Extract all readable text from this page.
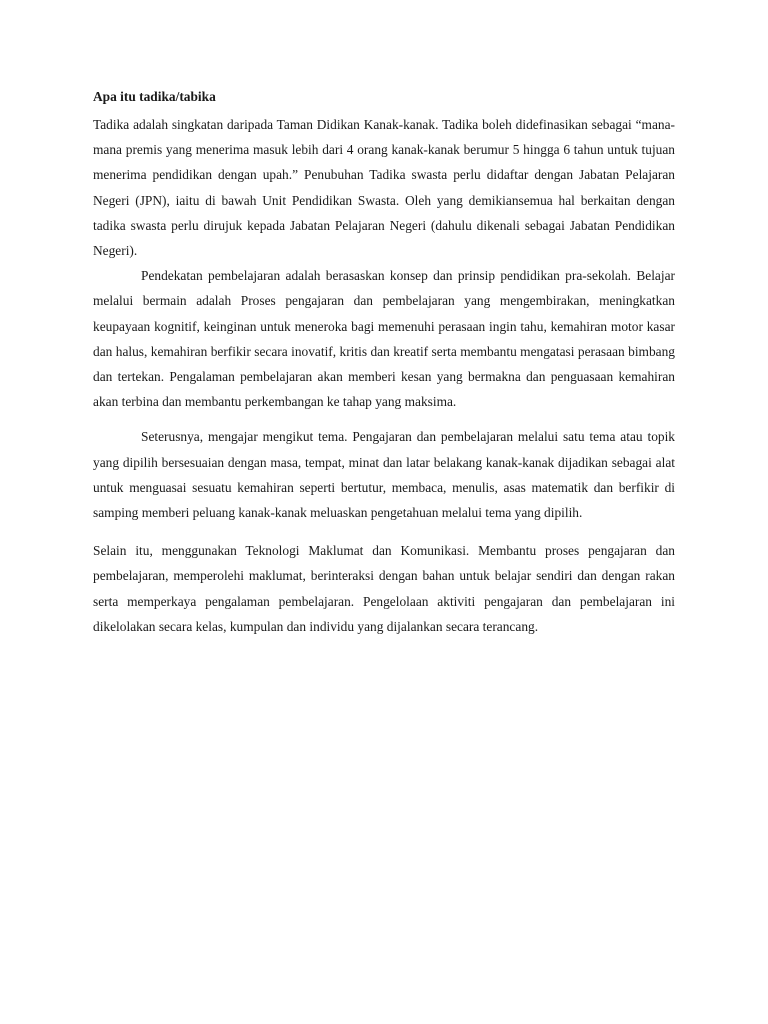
Apa itu tadika/tabika

Tadika adalah singkatan daripada Taman Didikan Kanak-kanak. Tadika boleh didefinasikan sebagai “mana-mana premis yang menerima masuk lebih dari 4 orang kanak-kanak berumur 5 hingga 6 tahun untuk tujuan menerima pendidikan dengan upah.” Penubuhan Tadika swasta perlu didaftar dengan Jabatan Pelajaran Negeri (JPN), iaitu di bawah Unit Pendidikan Swasta. Oleh yang demikiansemua hal berkaitan dengan tadika swasta perlu dirujuk kepada Jabatan Pelajaran Negeri (dahulu dikenali sebagai Jabatan Pendidikan Negeri).

Pendekatan pembelajaran adalah berasaskan konsep dan prinsip pendidikan pra-sekolah. Belajar melalui bermain adalah Proses pengajaran dan pembelajaran yang mengembirakan, meningkatkan keupayaan kognitif, keinginan untuk meneroka bagi memenuhi perasaan ingin tahu, kemahiran motor kasar dan halus, kemahiran berfikir secara inovatif, kritis dan kreatif serta membantu mengatasi perasaan bimbang dan tertekan. Pengalaman pembelajaran akan memberi kesan yang bermakna dan penguasaan kemahiran akan terbina dan membantu perkembangan ke tahap yang maksima.

Seterusnya, mengajar mengikut tema. Pengajaran dan pembelajaran melalui satu tema atau topik yang dipilih bersesuaian dengan masa, tempat, minat dan latar belakang kanak-kanak dijadikan sebagai alat untuk menguasai sesuatu kemahiran seperti bertutur, membaca, menulis, asas matematik dan berfikir di samping memberi peluang kanak-kanak meluaskan pengetahuan melalui tema yang dipilih.

Selain itu, menggunakan Teknologi Maklumat dan Komunikasi. Membantu proses pengajaran dan pembelajaran, memperolehi maklumat, berinteraksi dengan bahan untuk belajar sendiri dan dengan rakan serta memperkaya pengalaman pembelajaran. Pengelolaan aktiviti pengajaran dan pembelajaran ini dikelolakan secara kelas, kumpulan dan individu yang dijalankan secara terancang.
